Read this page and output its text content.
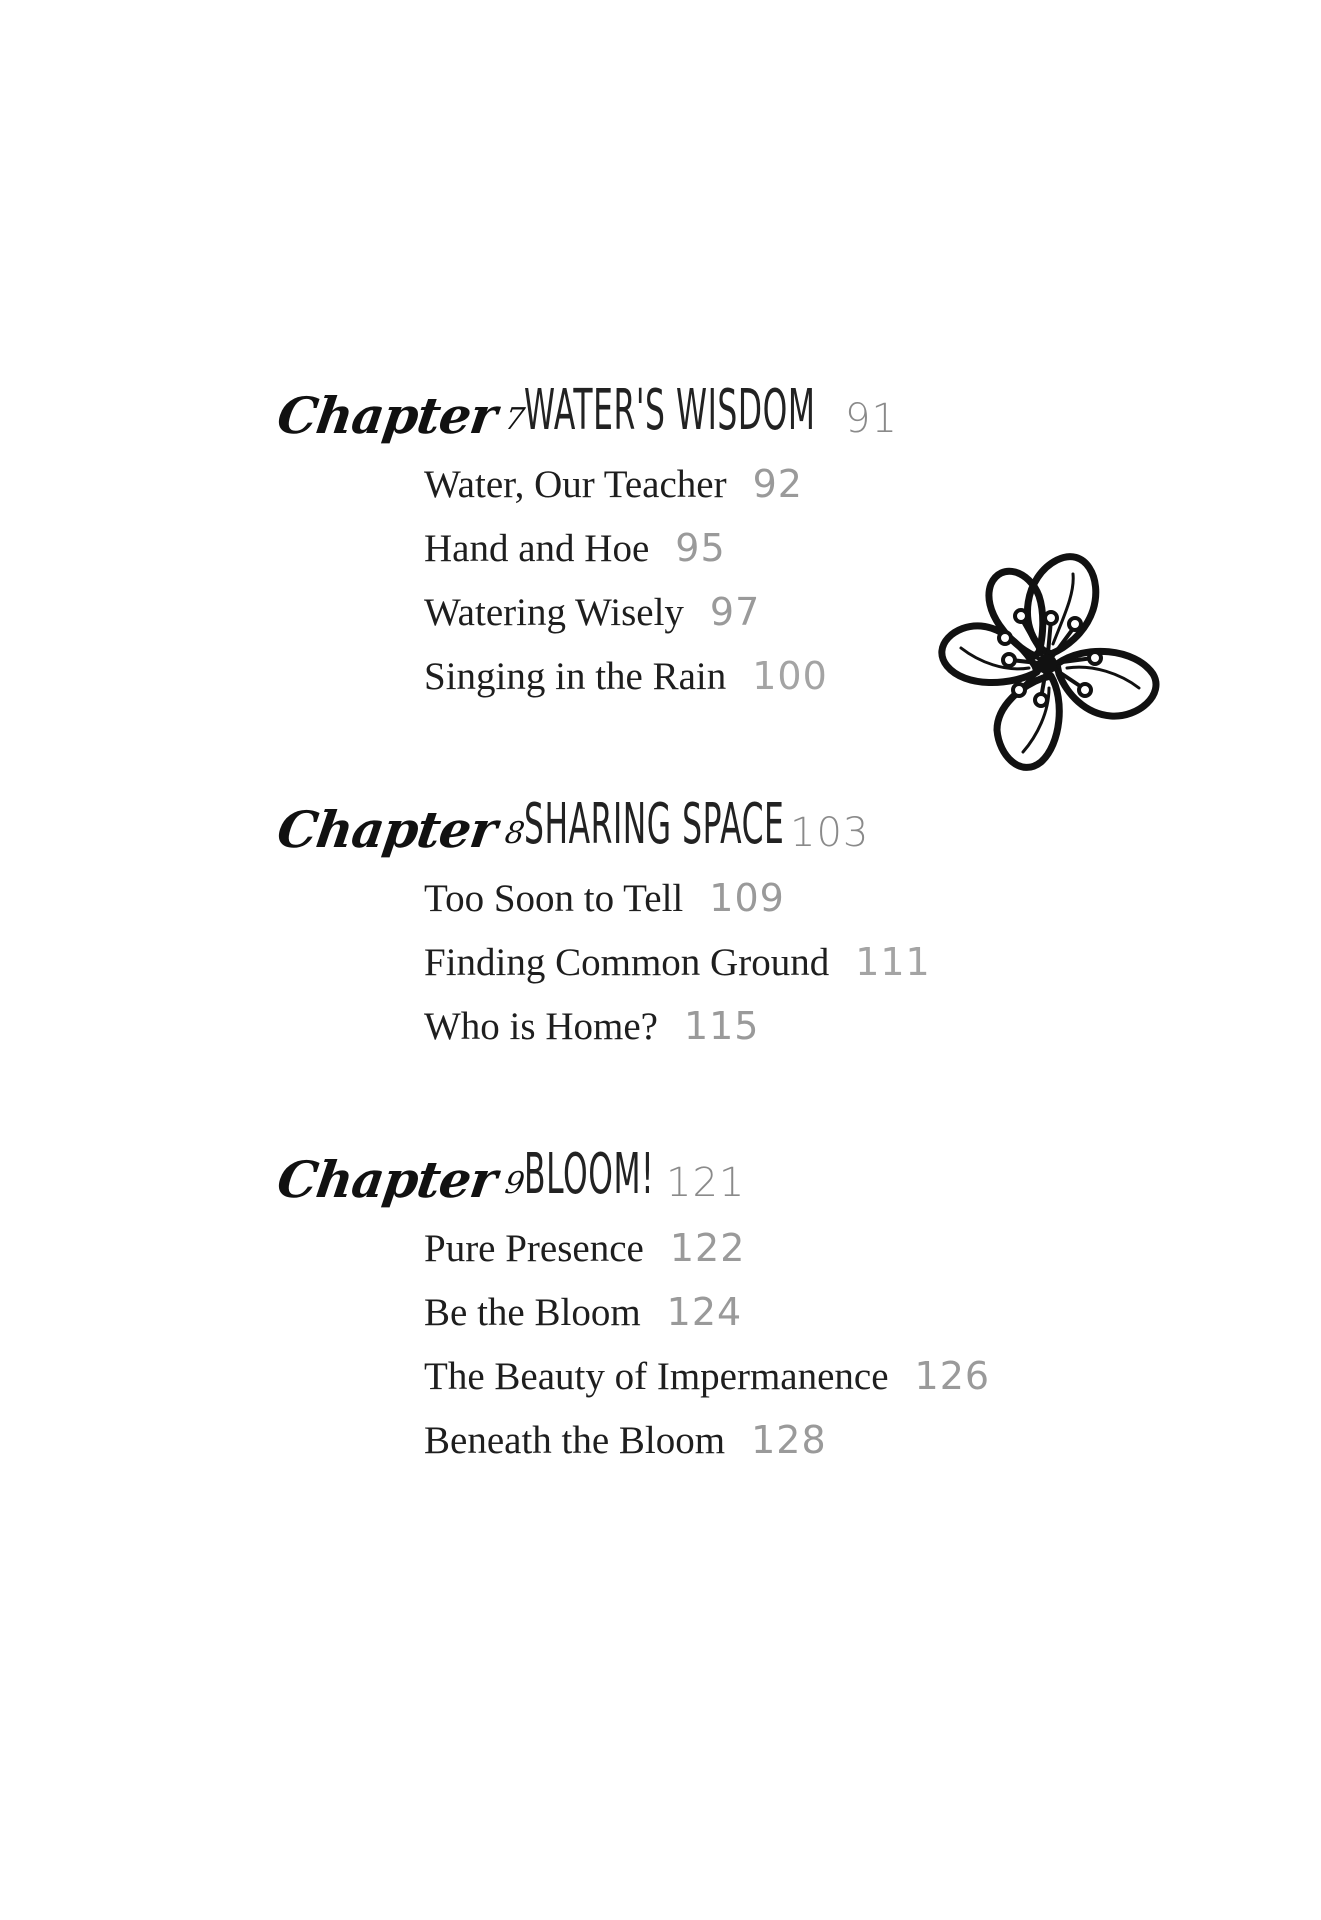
Chapter7
WATER'S WISDOM 91
Water, Our Teacher 92
Hand and Hoe 95
Watering Wisely 97
Singing in the Rain 100
Chapter8
SHARING SPACE 103
Too Soon to Tell 109
Finding Common Ground 111
Who is Home? 115
Chapter9
BLOOM! 121
Pure Presence 122
Be the Bloom 124
The Beauty of Impermanence 126
Beneath the Bloom 128
